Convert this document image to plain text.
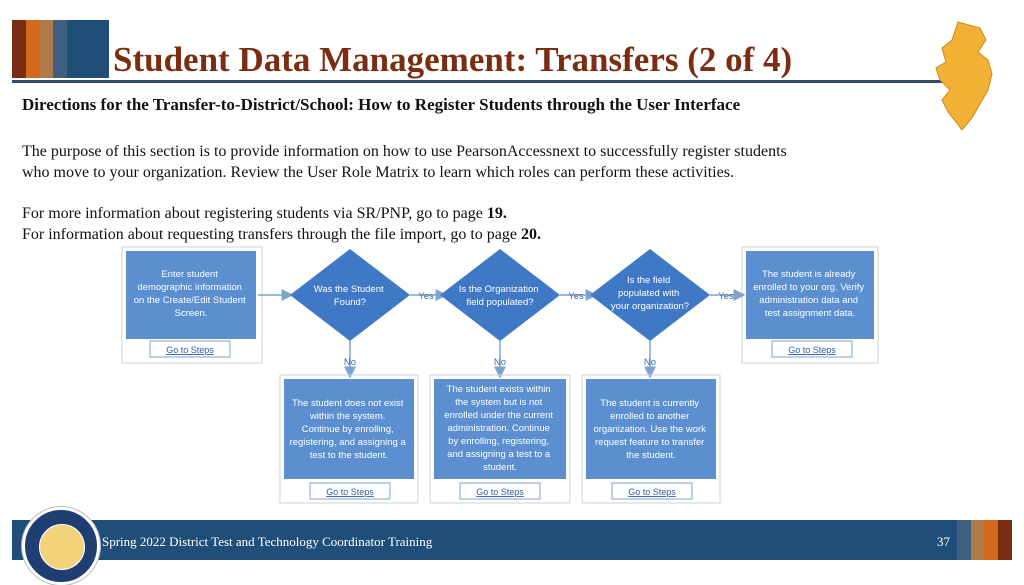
Student Data Management: Transfers (2 of 4)
Directions for the Transfer-to-District/School: How to Register Students through the User Interface
The purpose of this section is to provide information on how to use PearsonAccessnext to successfully register students
who move to your organization. Review the User Role Matrix to learn which roles can perform these activities.
For more information about registering students via SR/PNP, go to page 19.
For information about requesting transfers through the file import, go to page 20.
Enter student demographic information on the Create/Edit Student Screen.
Go to Steps
Was the Student Found?
Yes
No
Is the Organization field populated?
Yes
No
Is the field populated with your organization?
Yes
No
The student is already enrolled to your org. Verify administration data and test assignment data.
Go to Steps
The student does not exist within the system. Continue by enrolling, registering, and assigning a test to the student.
Go to Steps
The student exists within the system but is not enrolled under the current administration. Continue by enrolling, registering, and assigning a test to a student.
Go to Steps
The student is currently enrolled to another organization. Use the work request feature to transfer the student.
Go to Steps
Spring 2022 District Test and Technology Coordinator Training	37
